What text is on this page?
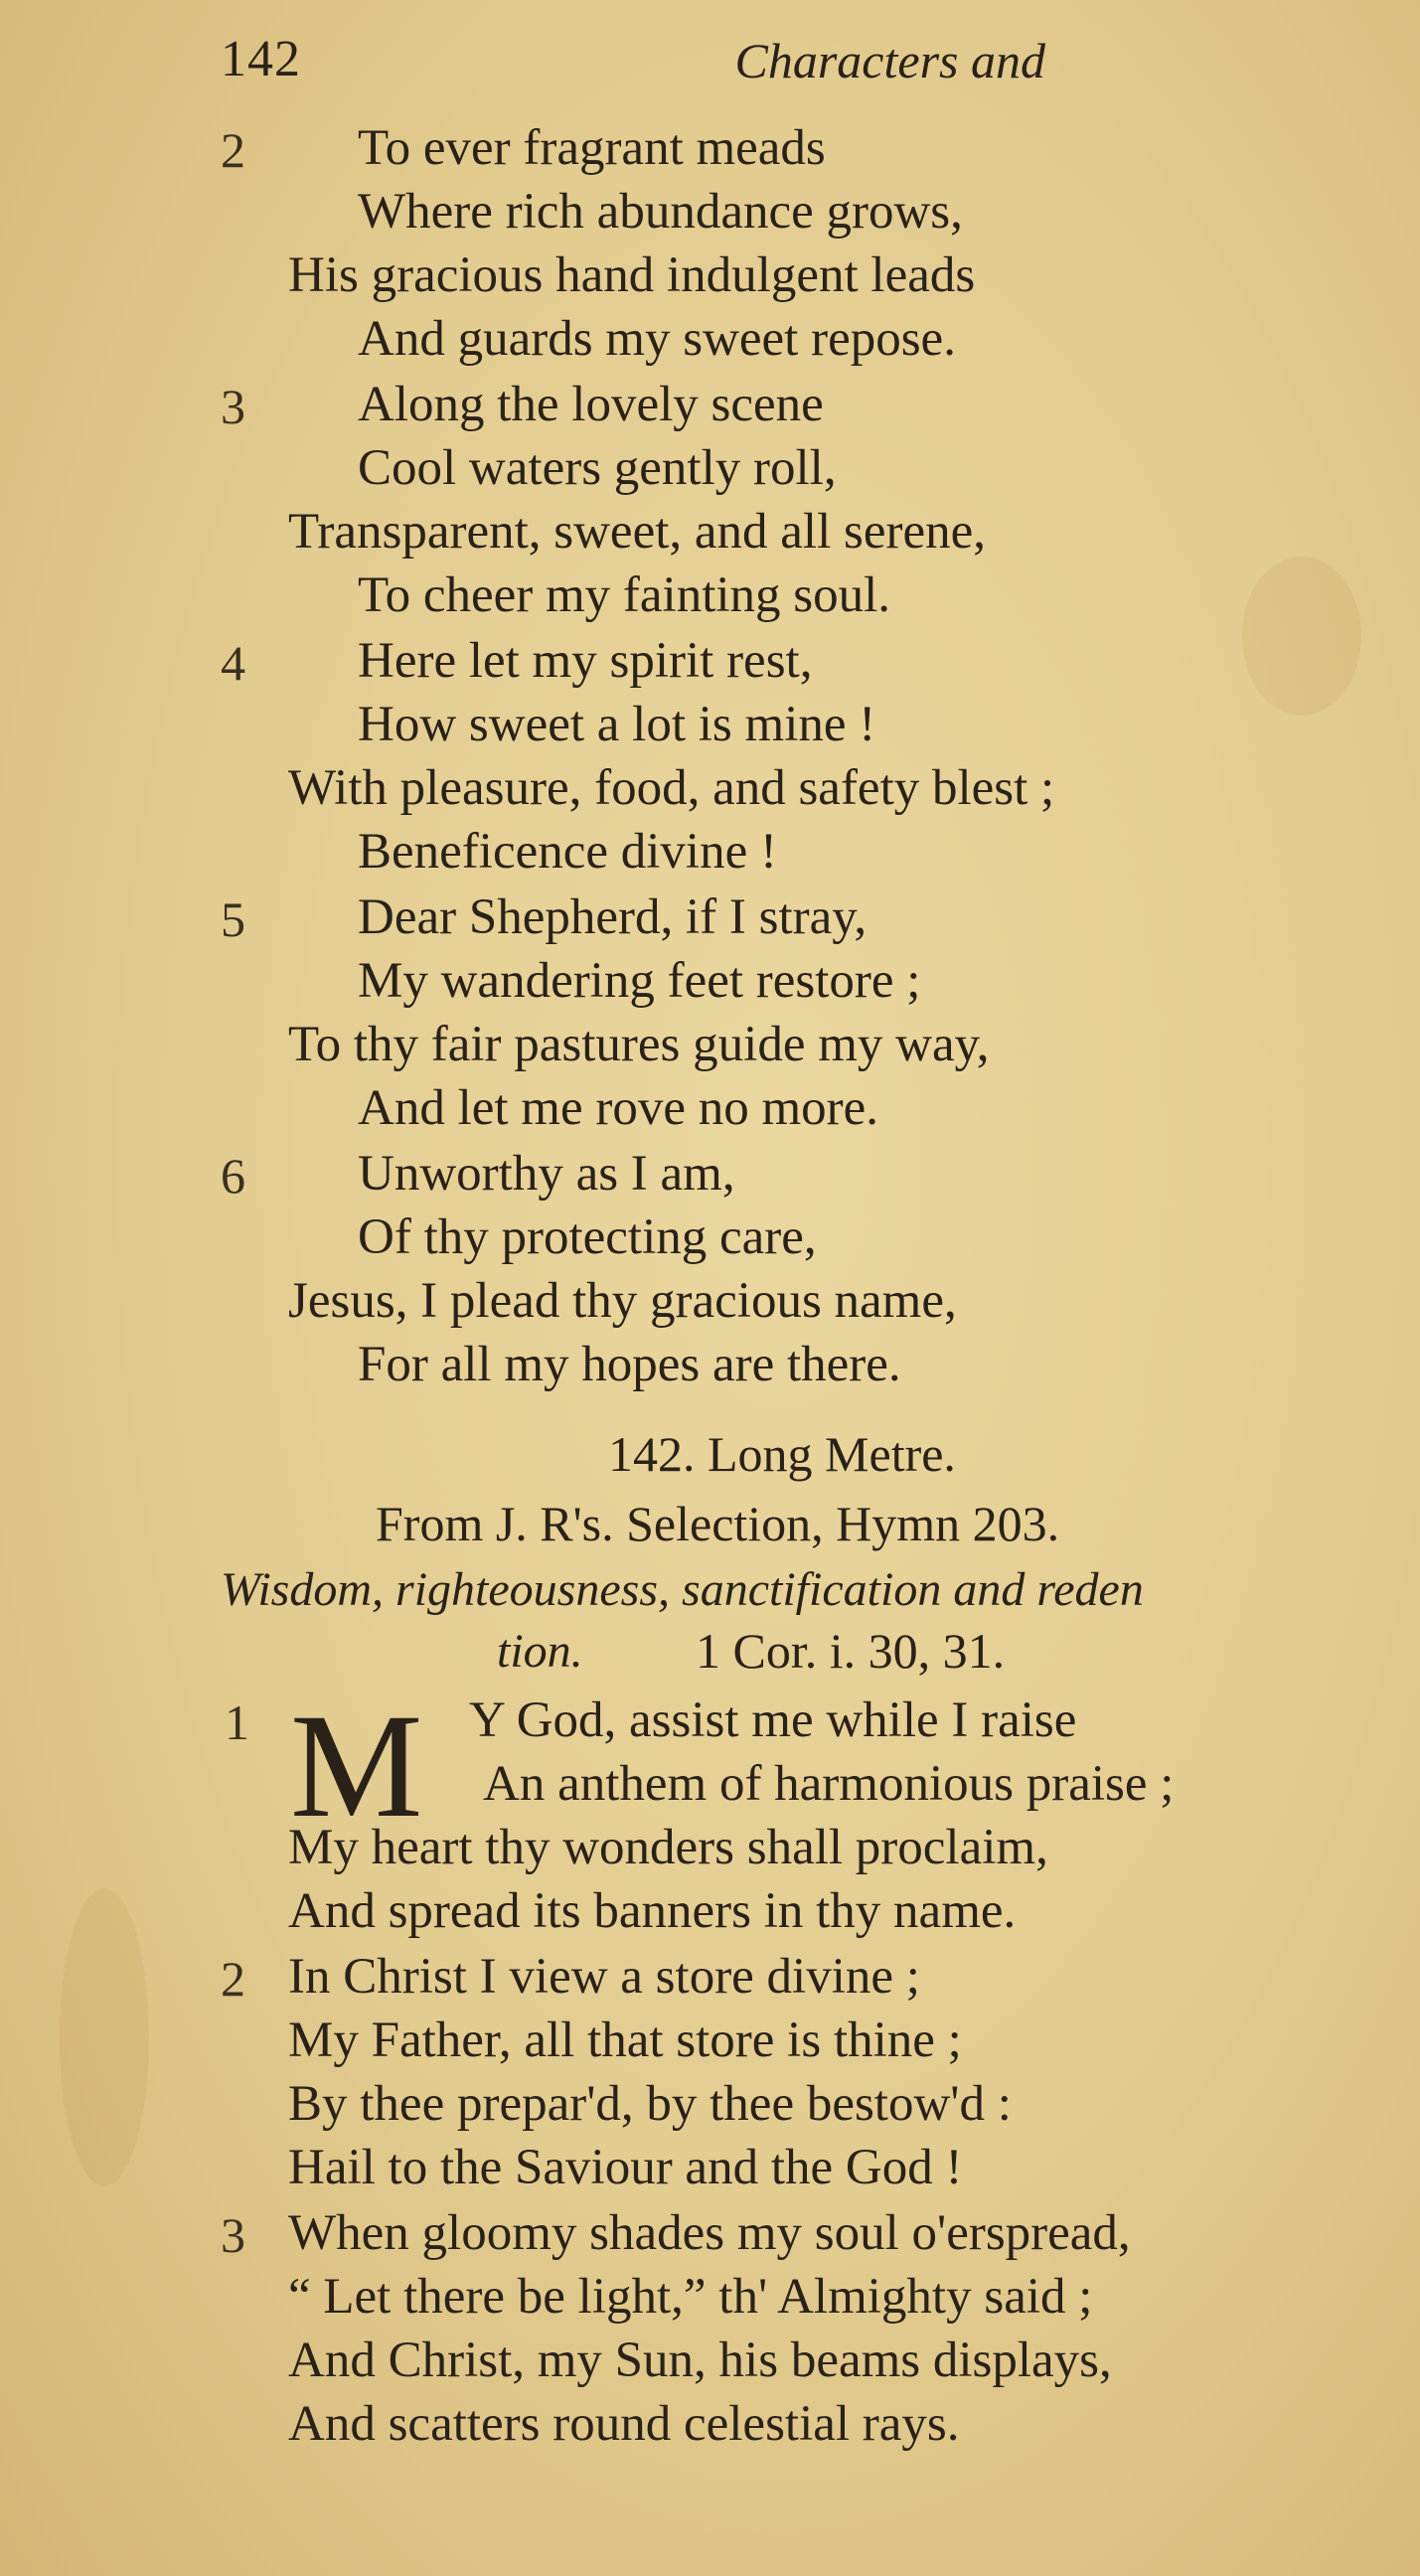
142	Characters and
2 To ever fragrant meads
Where rich abundance grows,
His gracious hand indulgent leads
And guards my sweet repose.
3 Along the lovely scene
Cool waters gently roll,
Transparent, sweet, and all serene,
To cheer my fainting soul.
4 Here let my spirit rest,
How sweet a lot is mine !
With pleasure, food, and safety blest ;
Beneficence divine !
5 Dear Shepherd, if I stray,
My wandering feet restore ;
To thy fair pastures guide my way,
And let me rove no more.
6 Unworthy as I am,
Of thy protecting care,
Jesus, I plead thy gracious name,
For all my hopes are there.
142. Long Metre.
From J. R's. Selection, Hymn 203.
Wisdom, righteousness, sanctification and reden
tion. 1 Cor. i. 30, 31.
1 M Y God, assist me while I raise
An anthem of harmonious praise ;
My heart thy wonders shall proclaim,
And spread its banners in thy name.
2 In Christ I view a store divine ;
My Father, all that store is thine ;
By thee prepar'd, by thee bestow'd :
Hail to the Saviour and the God !
3 When gloomy shades my soul o'erspread,
“ Let there be light,” th' Almighty said ;
And Christ, my Sun, his beams displays,
And scatters round celestial rays.
